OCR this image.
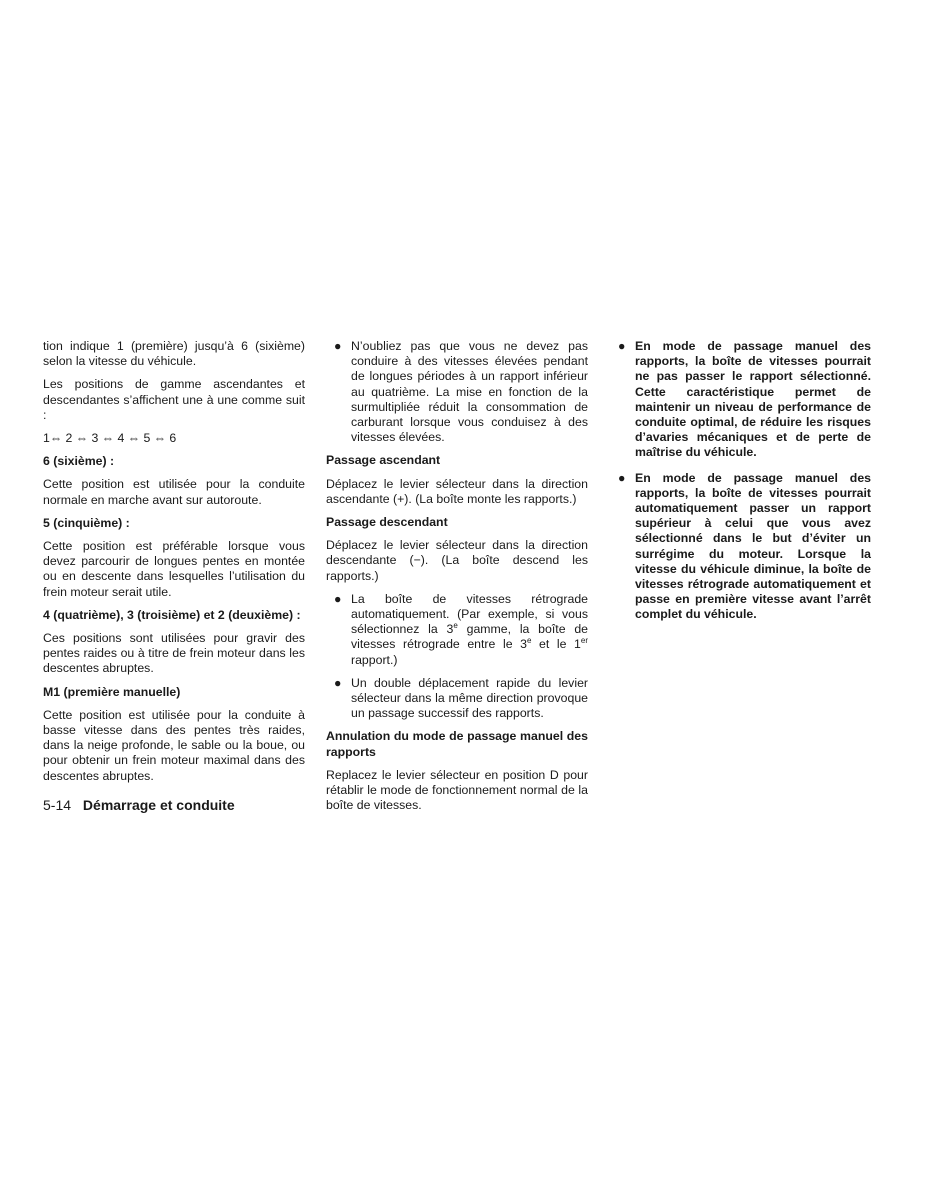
tion indique 1 (première) jusqu’à 6 (sixième) selon la vitesse du véhicule.

Les positions de gamme ascendantes et descendantes s’affichent une à une comme suit :

1⇔ 2 ⇔ 3 ⇔ 4 ⇔ 5 ⇔ 6

6 (sixième) :

Cette position est utilisée pour la conduite normale en marche avant sur autoroute.

5 (cinquième) :

Cette position est préférable lorsque vous devez parcourir de longues pentes en montée ou en descente dans lesquelles l’utilisation du frein moteur serait utile.

4 (quatrième), 3 (troisième) et 2 (deuxième) :

Ces positions sont utilisées pour gravir des pentes raides ou à titre de frein moteur dans les descentes abruptes.

M1 (première manuelle)

Cette position est utilisée pour la conduite à basse vitesse dans des pentes très raides, dans la neige profonde, le sable ou la boue, ou pour obtenir un frein moteur maximal dans des descentes abruptes.

● N’oubliez pas que vous ne devez pas conduire à des vitesses élevées pendant de longues périodes à un rapport inférieur au quatrième. La mise en fonction de la surmultipliée réduit la consommation de carburant lorsque vous conduisez à des vitesses élevées.
Passage ascendant

Déplacez le levier sélecteur dans la direction ascendante (+). (La boîte monte les rapports.)

Passage descendant

Déplacez le levier sélecteur dans la direction descendante (−). (La boîte descend les rapports.)

● La boîte de vitesses rétrograde automatiquement. (Par exemple, si vous sélectionnez la 3e gamme, la boîte de vitesses rétrograde entre le 3e et le 1er rapport.)
● Un double déplacement rapide du levier sélecteur dans la même direction provoque un passage successif des rapports.
Annulation du mode de passage manuel des rapports

Replacez le levier sélecteur en position D pour rétablir le mode de fonctionnement normal de la boîte de vitesses.

● En mode de passage manuel des rapports, la boîte de vitesses pourrait ne pas passer le rapport sélectionné. Cette caractéristique permet de maintenir un niveau de performance de conduite optimal, de réduire les risques d’avaries mécaniques et de perte de maîtrise du véhicule.
● En mode de passage manuel des rapports, la boîte de vitesses pourrait automatiquement passer un rapport supérieur à celui que vous avez sélectionné dans le but d’éviter un surrégime du moteur. Lorsque la vitesse du véhicule diminue, la boîte de vitesses rétrograde automatiquement et passe en première vitesse avant l’arrêt complet du véhicule.
5-14 Démarrage et conduite
